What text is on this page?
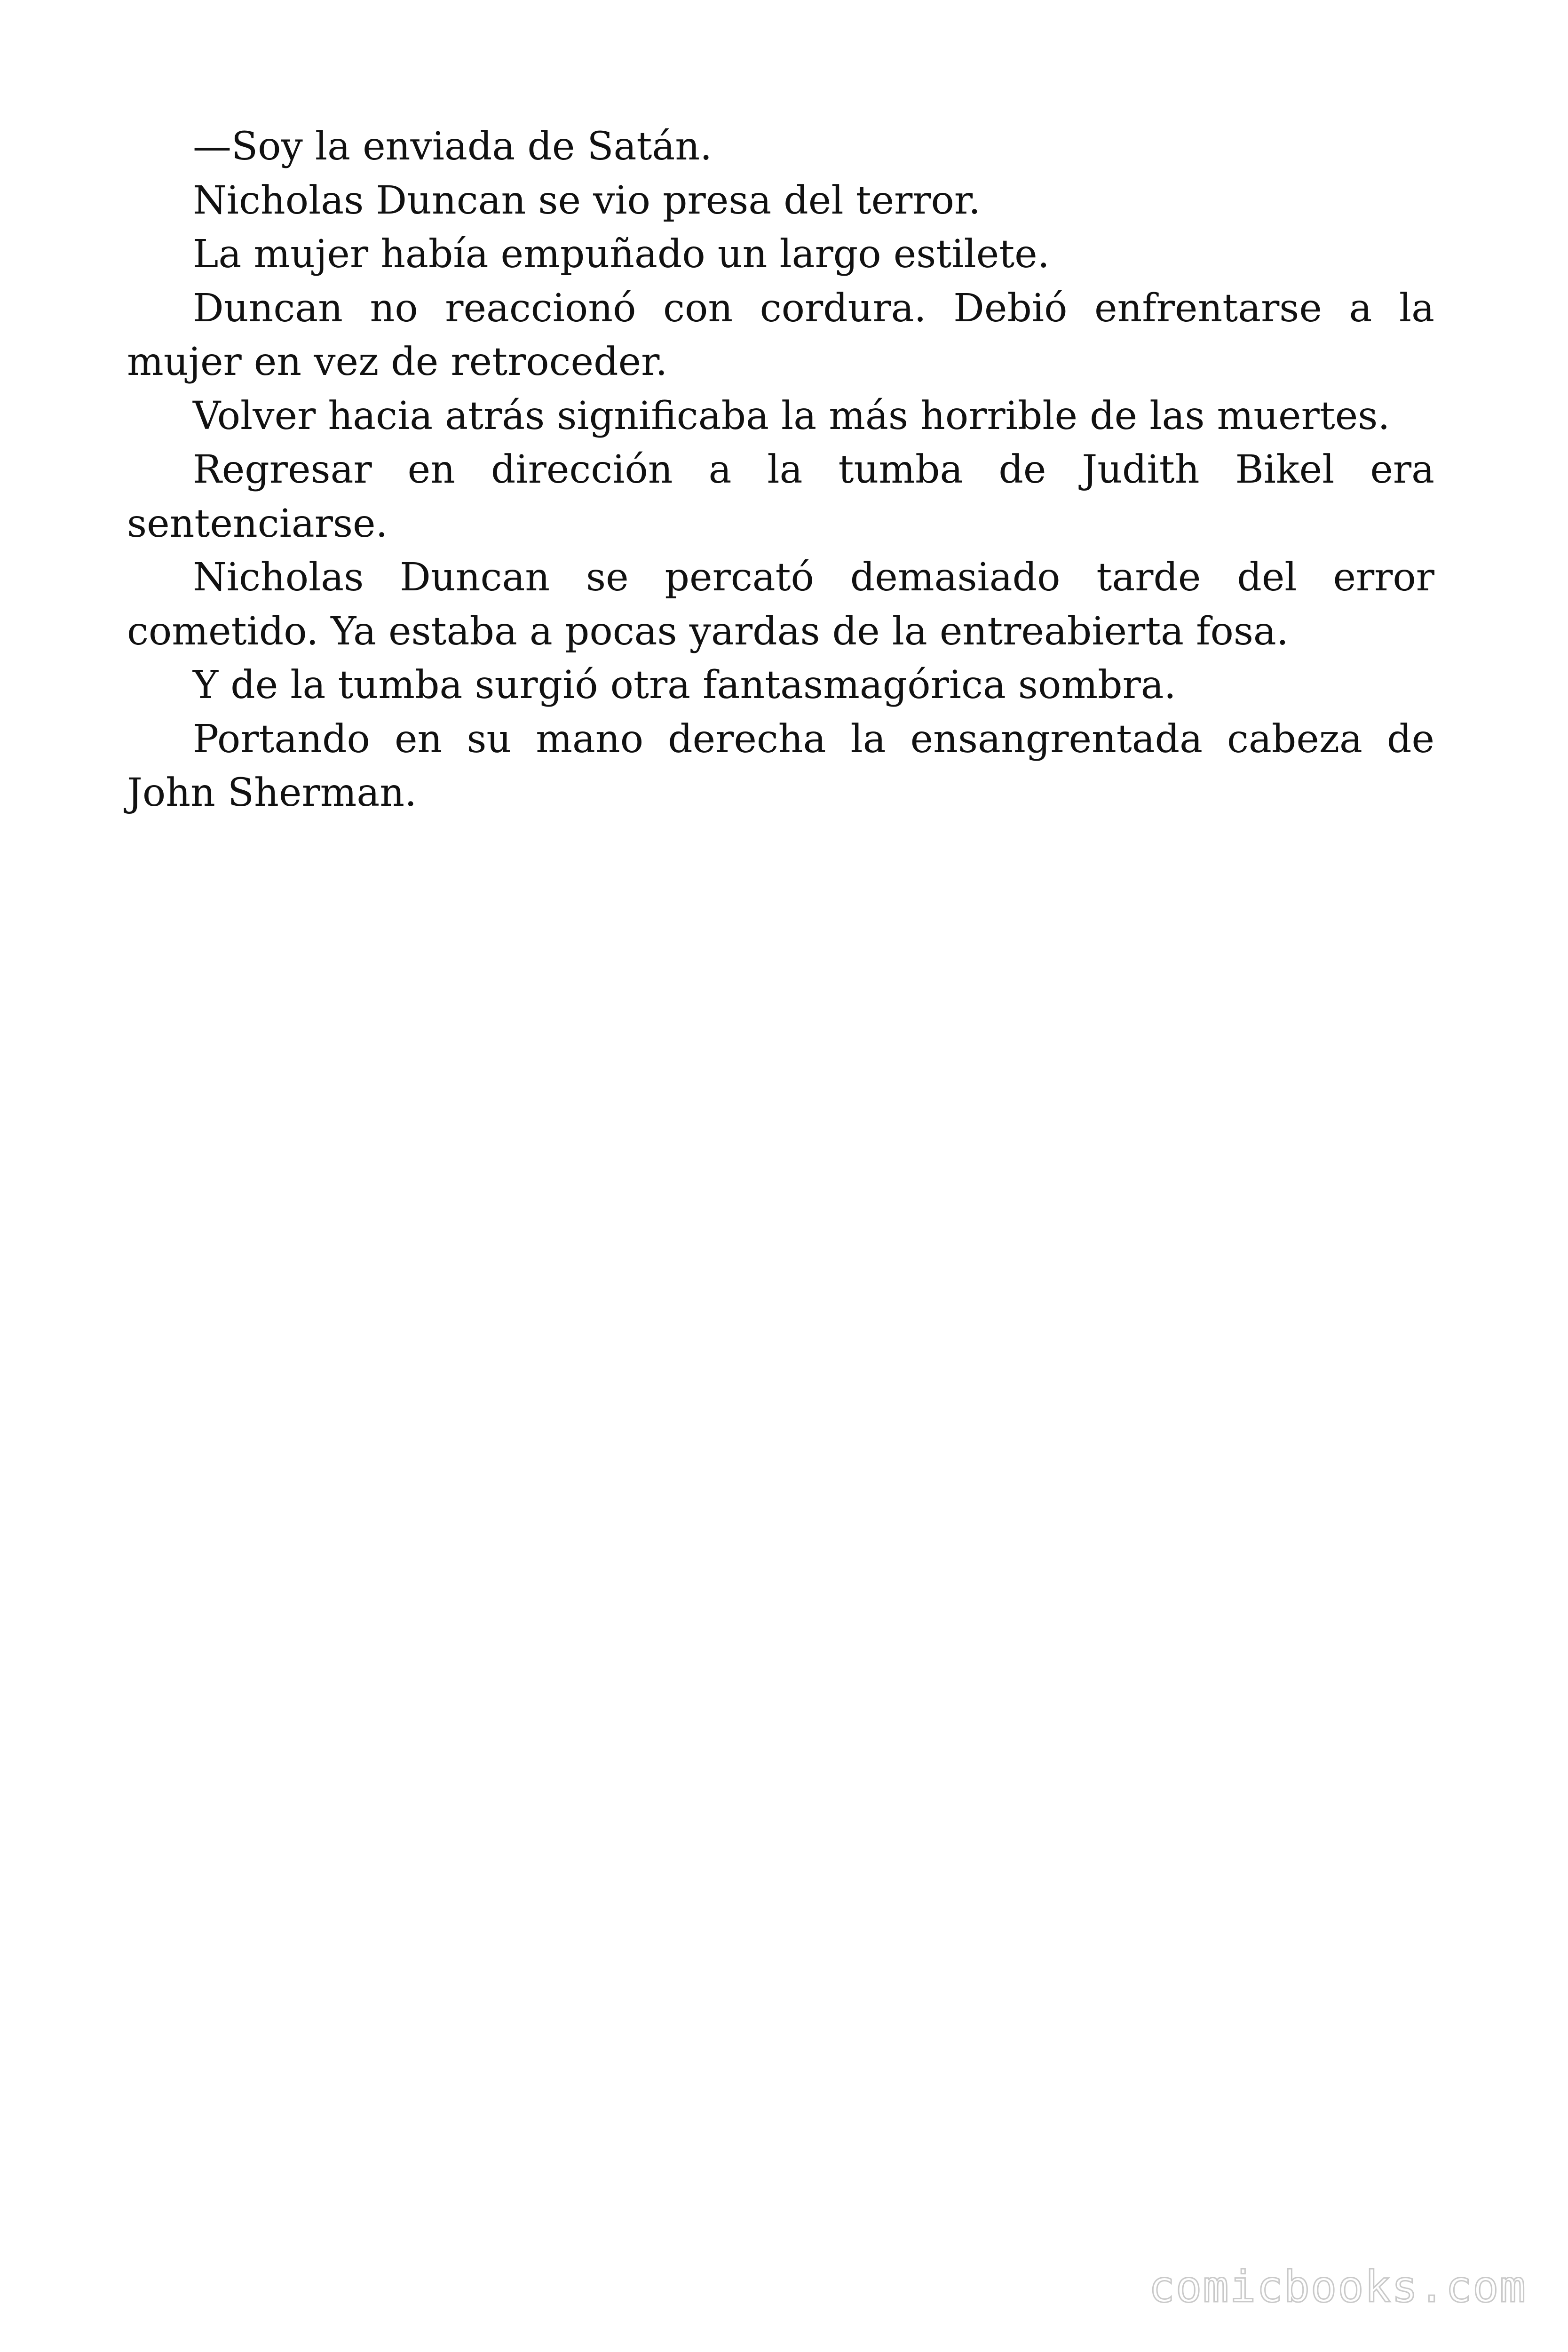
—Soy la enviada de Satán.

Nicholas Duncan se vio presa del terror.

La mujer había empuñado un largo estilete.

Duncan no reaccionó con cordura. Debió enfrentarse a la mujer en vez de retroceder.

Volver hacia atrás significaba la más horrible de las muertes.

Regresar en dirección a la tumba de Judith Bikel era sentenciarse.

Nicholas Duncan se percató demasiado tarde del error cometido. Ya estaba a pocas yardas de la entreabierta fosa.

Y de la tumba surgió otra fantasmagórica sombra.

Portando en su mano derecha la ensangrentada cabeza de John Sherman.

comicbooks.com
